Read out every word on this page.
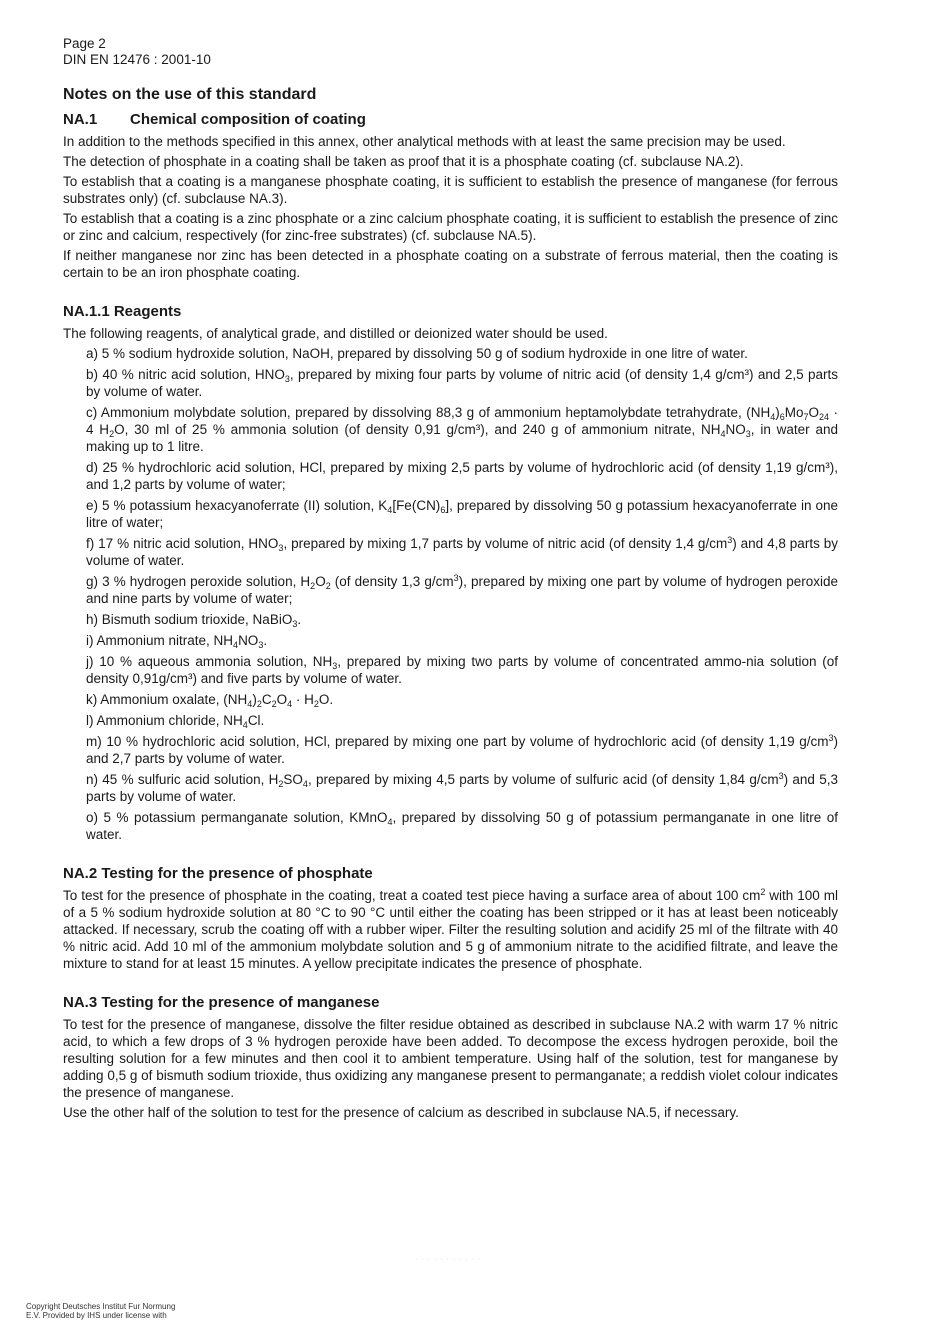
Page 2
DIN EN 12476 : 2001-10
Notes on the use of this standard
NA.1 Chemical composition of coating

In addition to the methods specified in this annex, other analytical methods with at least the same precision may be used.

The detection of phosphate in a coating shall be taken as proof that it is a phosphate coating (cf. subclause NA.2).

To establish that a coating is a manganese phosphate coating, it is sufficient to establish the presence of manganese (for ferrous substrates only) (cf. subclause NA.3).

To establish that a coating is a zinc phosphate or a zinc calcium phosphate coating, it is sufficient to establish the presence of zinc or zinc and calcium, respectively (for zinc-free substrates) (cf. subclause NA.5).

If neither manganese nor zinc has been detected in a phosphate coating on a substrate of ferrous material, then the coating is certain to be an iron phosphate coating.

NA.1.1 Reagents

The following reagents, of analytical grade, and distilled or deionized water should be used.

a) 5 % sodium hydroxide solution, NaOH, prepared by dissolving 50 g of sodium hydroxide in one litre of water.

b) 40 % nitric acid solution, $HNO_3$, prepared by mixing four parts by volume of nitric acid (of density 1,4 g/cm³) and 2,5 parts by volume of water.

c) Ammonium molybdate solution, prepared by dissolving 88,3 g of ammonium heptamolybdate tetrahydrate, $(NH_4)_6Mo_7O_{24} \cdot 4$ $H_2O$, 30 ml of 25 % ammonia solution (of density 0,91 g/cm³), and 240 g of ammonium nitrate, $NH_4NO_3$, in water and making up to 1 litre.

d) 25 % hydrochloric acid solution, HCl, prepared by mixing 2,5 parts by volume of hydrochloric acid (of density 1,19 g/cm³), and 1,2 parts by volume of water;

e) 5 % potassium hexacyanoferrate (II) solution, $K_4[Fe(CN)_6]$, prepared by dissolving 50 g potassium hexacyanoferrate in one litre of water;

f) 17 % nitric acid solution, $HNO_3$, prepared by mixing 1,7 parts by volume of nitric acid (of density 1,4 $g/cm^3$) and 4,8 parts by volume of water.

g) 3 % hydrogen peroxide solution, $H_2O_2$ (of density 1,3 $g/cm^3$), prepared by mixing one part by volume of hydrogen peroxide and nine parts by volume of water;

h) Bismuth sodium trioxide, NaBiO$_3$.

i) Ammonium nitrate, $NH_4NO_3$.

j) 10 % aqueous ammonia solution, $NH_3$, prepared by mixing two parts by volume of concentrated ammo-nia solution (of density 0,91g/cm³) and five parts by volume of water.

k) Ammonium oxalate, $(NH_4)_2C_2O_4 \cdot H_2O$.

l) Ammonium chloride, $NH_4Cl$.

m) 10 % hydrochloric acid solution, HCl, prepared by mixing one part by volume of hydrochloric acid (of density 1,19 $g/cm^3$) and 2,7 parts by volume of water.

n) 45 % sulfuric acid solution, $H_2SO_4$, prepared by mixing 4,5 parts by volume of sulfuric acid (of density 1,84 $g/cm^3$) and 5,3 parts by volume of water.

o) 5 % potassium permanganate solution, KMnO$_4$, prepared by dissolving 50 g of potassium permanganate in one litre of water.

NA.2 Testing for the presence of phosphate

To test for the presence of phosphate in the coating, treat a coated test piece having a surface area of about 100 $cm^2$ with 100 ml of a 5 % sodium hydroxide solution at 80 °C to 90 °C until either the coating has been stripped or it has at least been noticeably attacked. If necessary, scrub the coating off with a rubber wiper. Filter the resulting solution and acidify 25 ml of the filtrate with 40 % nitric acid. Add 10 ml of the ammonium molybdate solution and 5 g of ammonium nitrate to the acidified filtrate, and leave the mixture to stand for at least 15 minutes. A yellow precipitate indicates the presence of phosphate.

NA.3 Testing for the presence of manganese

To test for the presence of manganese, dissolve the filter residue obtained as described in subclause NA.2 with warm 17 % nitric acid, to which a few drops of 3 % hydrogen peroxide have been added. To decompose the excess hydrogen peroxide, boil the resulting solution for a few minutes and then cool it to ambient temperature. Using half of the solution, test for manganese by adding 0,5 g of bismuth sodium trioxide, thus oxidizing any manganese present to permanganate; a reddish violet colour indicates the presence of manganese.

Use the other half of the solution to test for the presence of calcium as described in subclause NA.5, if necessary.

· · · · · · · · · · ·
Copyright Deutsches Institut Fur Normung
E.V. Provided by IHS under license with
